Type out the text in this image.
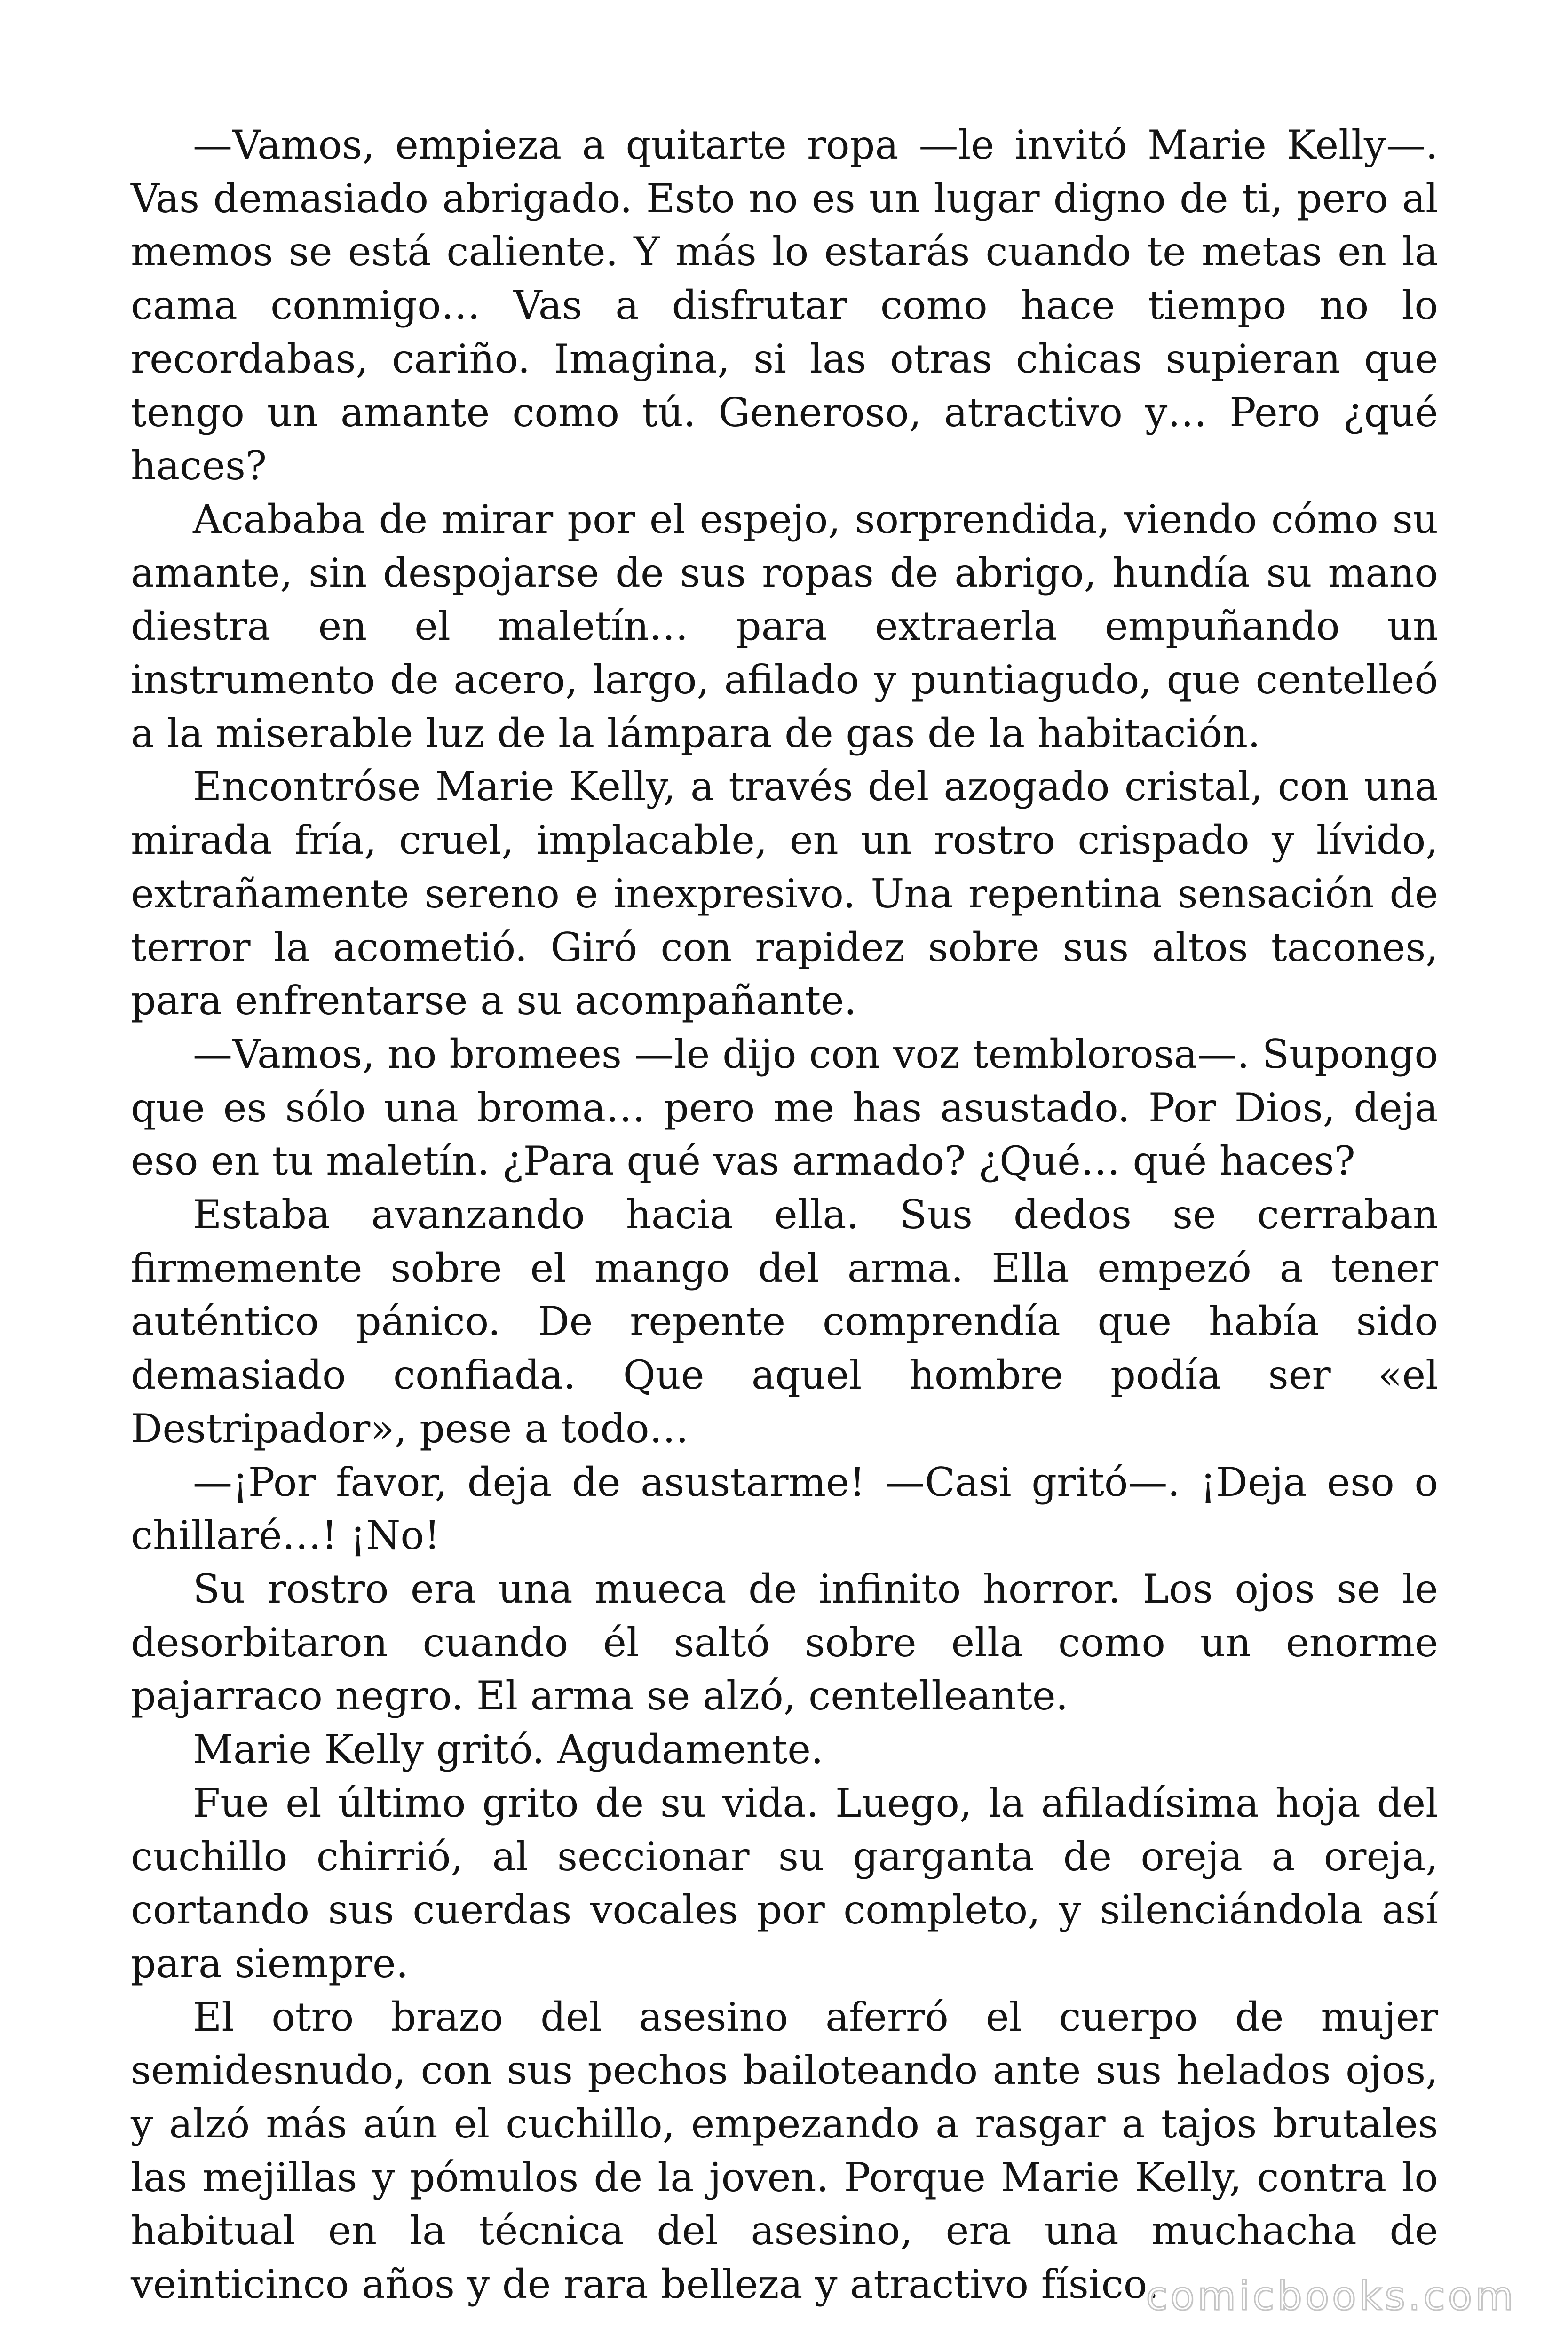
—Vamos, empieza a quitarte ropa —le invitó Marie Kelly—. Vas demasiado abrigado. Esto no es un lugar digno de ti, pero al memos se está caliente. Y más lo estarás cuando te metas en la cama conmigo… Vas a disfrutar como hace tiempo no lo recordabas, cariño. Imagina, si las otras chicas supieran que tengo un amante como tú. Generoso, atractivo y… Pero ¿qué haces?

Acababa de mirar por el espejo, sorprendida, viendo cómo su amante, sin despojarse de sus ropas de abrigo, hundía su mano diestra en el maletín… para extraerla empuñando un instrumento de acero, largo, afilado y puntiagudo, que centelleó a la miserable luz de la lámpara de gas de la habitación.

Encontróse Marie Kelly, a través del azogado cristal, con una mirada fría, cruel, implacable, en un rostro crispado y lívido, extrañamente sereno e inexpresivo. Una repentina sensación de terror la acometió. Giró con rapidez sobre sus altos tacones, para enfrentarse a su acompañante.

—Vamos, no bromees —le dijo con voz temblorosa—. Supongo que es sólo una broma… pero me has asustado. Por Dios, deja eso en tu maletín. ¿Para qué vas armado? ¿Qué… qué haces?

Estaba avanzando hacia ella. Sus dedos se cerraban firmemente sobre el mango del arma. Ella empezó a tener auténtico pánico. De repente comprendía que había sido demasiado confiada. Que aquel hombre podía ser «el Destripador», pese a todo…

—¡Por favor, deja de asustarme! —Casi gritó—. ¡Deja eso o chillaré…! ¡No!

Su rostro era una mueca de infinito horror. Los ojos se le desorbitaron cuando él saltó sobre ella como un enorme pajarraco negro. El arma se alzó, centelleante.

Marie Kelly gritó. Agudamente.

Fue el último grito de su vida. Luego, la afiladísima hoja del cuchillo chirrió, al seccionar su garganta de oreja a oreja, cortando sus cuerdas vocales por completo, y silenciándola así para siempre.

El otro brazo del asesino aferró el cuerpo de mujer semidesnudo, con sus pechos bailoteando ante sus helados ojos, y alzó más aún el cuchillo, empezando a rasgar a tajos brutales las mejillas y pómulos de la joven. Porque Marie Kelly, contra lo habitual en la técnica del asesino, era una muchacha de veinticinco años y de rara belleza y atractivo físico.

comicbooks.com
